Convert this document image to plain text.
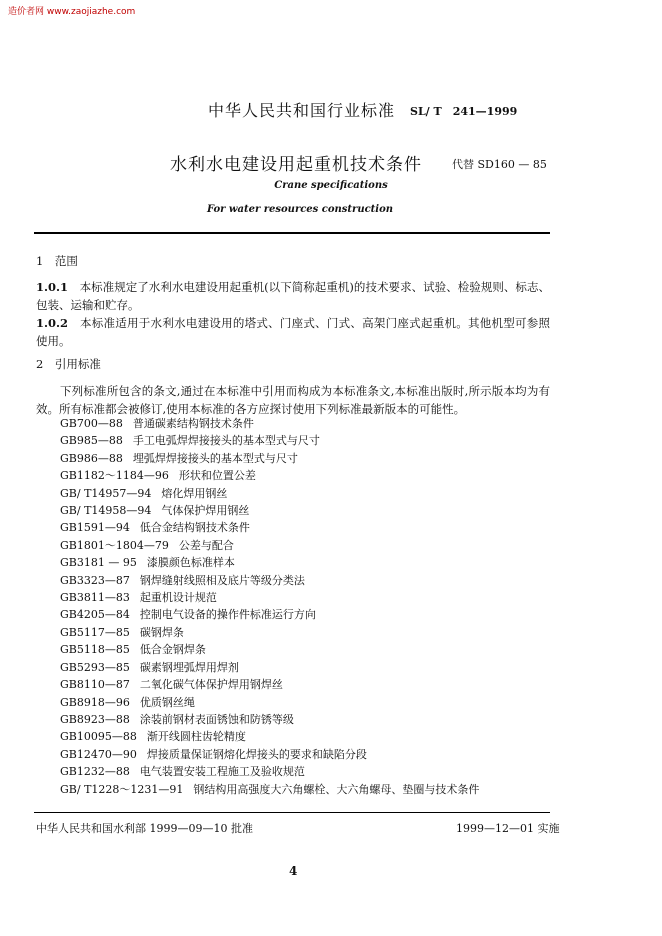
造价者网 www.zaojiazhe.com
中华人民共和国行业标准 SL/ T　241—1999
水利水电建设用起重机技术条件	代替 SD160 — 85
Crane specifications
For water resources construction

1　范围

1.0.1　本标准规定了水利水电建设用起重机(以下简称起重机)的技术要求、试验、检验规则、标志、包装、运输和贮存。

1.0.2　本标准适用于水利水电建设用的塔式、门座式、门式、高架门座式起重机。其他机型可参照使用。

2　引用标准

下列标准所包含的条文,通过在本标准中引用而构成为本标准条文,本标准出版时,所示版本均为有效。所有标准都会被修订,使用本标准的各方应探讨使用下列标准最新版本的可能性。

GB700—88 普通碳素结构钢技术条件
GB985—88 手工电弧焊焊接接头的基本型式与尺寸
GB986—88 埋弧焊焊接接头的基本型式与尺寸
GB1182～1184—96 形状和位置公差
GB/ T14957—94 熔化焊用钢丝
GB/ T14958—94 气体保护焊用钢丝
GB1591—94 低合金结构钢技术条件
GB1801～1804—79 公差与配合
GB3181 — 95 漆膜颜色标准样本
GB3323—87 钢焊缝射线照相及底片等级分类法
GB3811—83 起重机设计规范
GB4205—84 控制电气设备的操作件标准运行方向
GB5117—85 碳钢焊条
GB5118—85 低合金钢焊条
GB5293—85 碳素钢埋弧焊用焊剂
GB8110—87 二氧化碳气体保护焊用钢焊丝
GB8918—96 优质钢丝绳
GB8923—88 涂装前钢材表面锈蚀和防锈等级
GB10095—88 渐开线圆柱齿轮精度
GB12470—90 焊接质量保证钢熔化焊接头的要求和缺陷分段
GB1232—88 电气装置安装工程施工及验收规范
GB/ T1228～1231—91 钢结构用高强度大六角螺栓、大六角螺母、垫圈与技术条件
中华人民共和国水利部 1999—09—10 批准	1999—12—01 实施
4
